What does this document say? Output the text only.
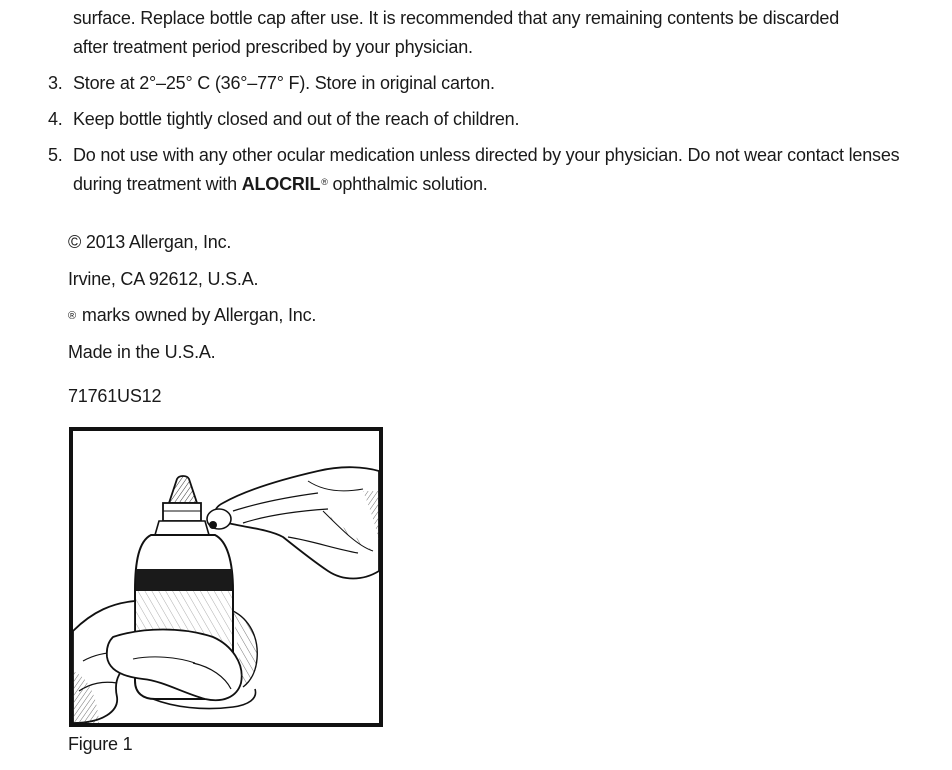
surface. Replace bottle cap after use. It is recommended that any remaining contents be discarded
after treatment period prescribed by your physician.
3. Store at 2°–25° C (36°–77° F). Store in original carton.
4. Keep bottle tightly closed and out of the reach of children.
5. Do not use with any other ocular medication unless directed by your physician. Do not wear contact lenses during treatment with ALOCRIL® ophthalmic solution.
© 2013 Allergan, Inc.
Irvine, CA 92612, U.S.A.
® marks owned by Allergan, Inc.
Made in the U.S.A.
71761US12
Figure 1
